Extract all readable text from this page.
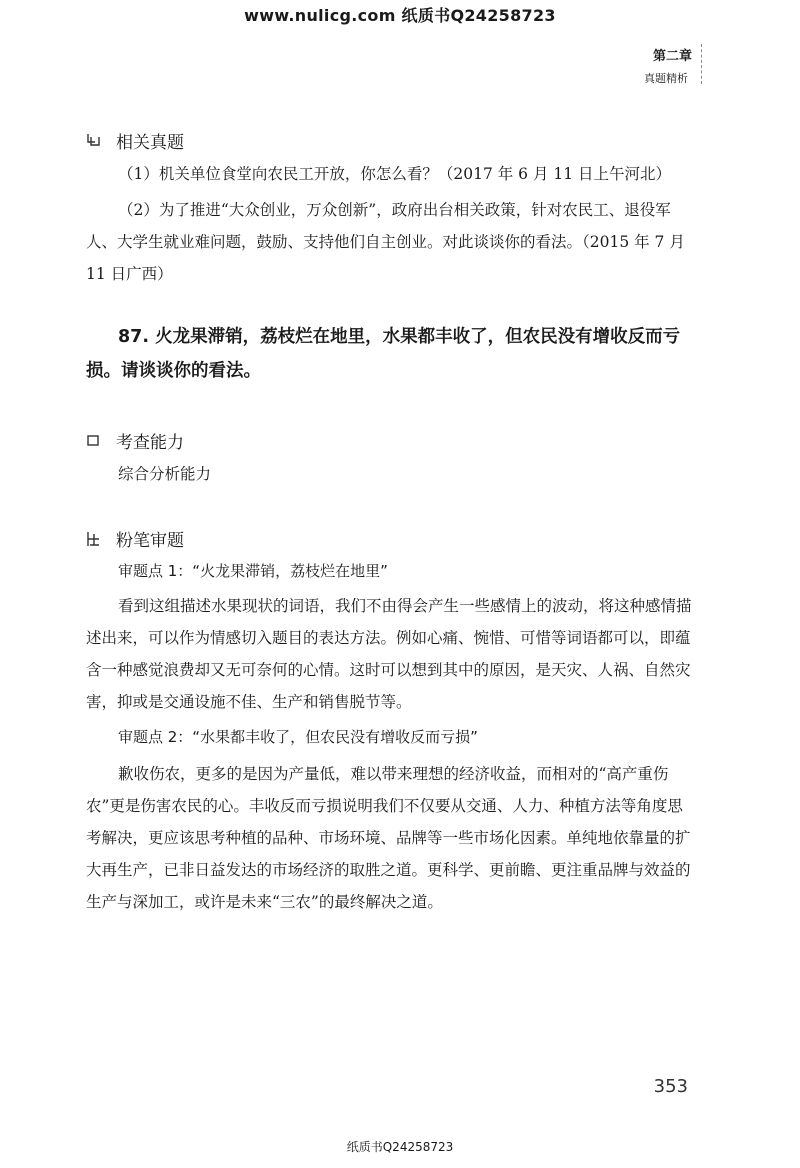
www.nulicg.com 纸质书Q24258723
第二章
真题精析
相关真题
（1）机关单位食堂向农民工开放，你怎么看？（2017 年 6 月 11 日上午河北）
（2）为了推进“大众创业，万众创新”，政府出台相关政策，针对农民工、退役军人、大学生就业难问题，鼓励、支持他们自主创业。对此谈谈你的看法。（2015 年 7 月 11 日广西）
87. 火龙果滞销，荔枝烂在地里，水果都丰收了，但农民没有增收反而亏损。请谈谈你的看法。
考查能力
综合分析能力
粉笔审题
审题点 1：“火龙果滞销，荔枝烂在地里”
看到这组描述水果现状的词语，我们不由得会产生一些感情上的波动，将这种感情描述出来，可以作为情感切入题目的表达方法。例如心痛、惋惜、可惜等词语都可以，即蕴含一种感觉浪费却又无可奈何的心情。这时可以想到其中的原因，是天灾、人祸、自然灾害，抑或是交通设施不佳、生产和销售脱节等。
审题点 2：“水果都丰收了，但农民没有增收反而亏损”
歉收伤农，更多的是因为产量低，难以带来理想的经济收益，而相对的“高产重伤农”更是伤害农民的心。丰收反而亏损说明我们不仅要从交通、人力、种植方法等角度思考解决，更应该思考种植的品种、市场环境、品牌等一些市场化因素。单纯地依靠量的扩大再生产，已非日益发达的市场经济的取胜之道。更科学、更前瞻、更注重品牌与效益的生产与深加工，或许是未来“三农”的最终解决之道。
353
纸质书Q24258723
